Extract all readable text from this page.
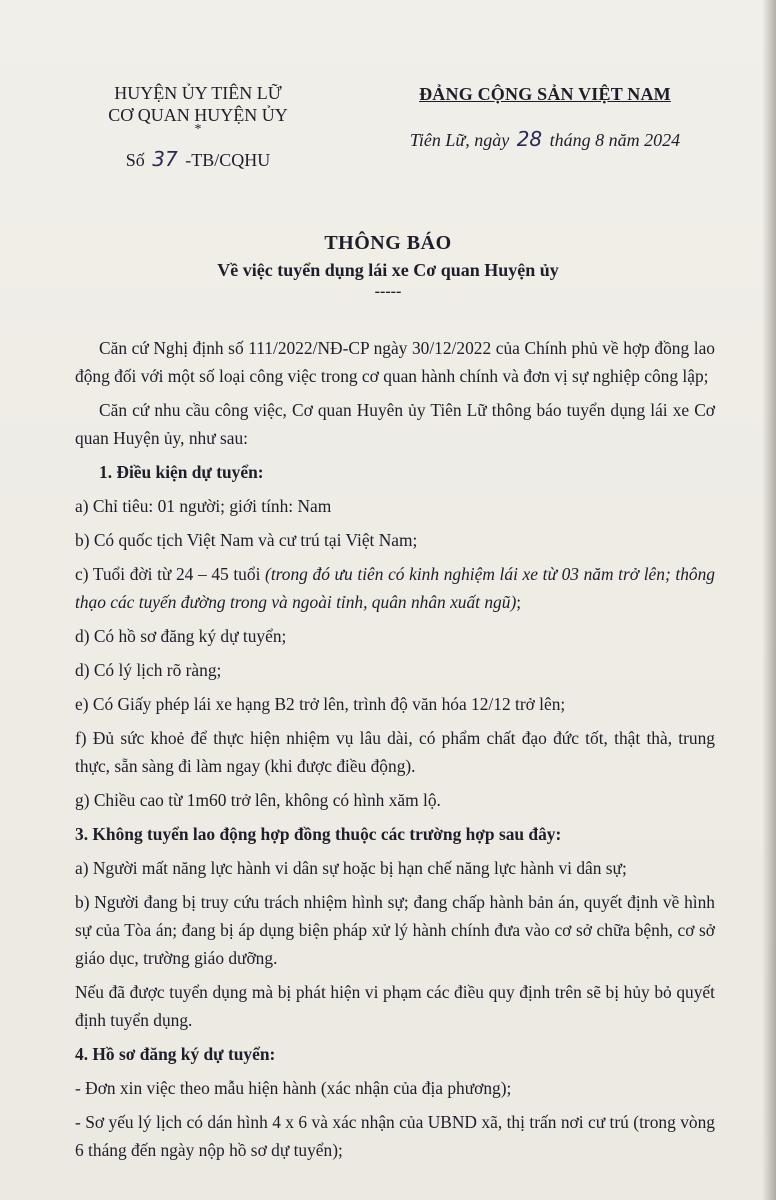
HUYỆN ỦY TIÊN LỮ
CƠ QUAN HUYỆN ỦY
*
Số 37 -TB/CQHU
ĐẢNG CỘNG SẢN VIỆT NAM
Tiên Lữ, ngày 28 tháng 8 năm 2024
THÔNG BÁO
Về việc tuyển dụng lái xe Cơ quan Huyện ủy
-----

Căn cứ Nghị định số 111/2022/NĐ-CP ngày 30/12/2022 của Chính phủ về hợp đồng lao động đối với một số loại công việc trong cơ quan hành chính và đơn vị sự nghiệp công lập;

Căn cứ nhu cầu công việc, Cơ quan Huyên ủy Tiên Lữ thông báo tuyển dụng lái xe Cơ quan Huyện ủy, như sau:

1. Điều kiện dự tuyển:

a) Chỉ tiêu: 01 người; giới tính: Nam

b) Có quốc tịch Việt Nam và cư trú tại Việt Nam;

c) Tuổi đời từ 24 – 45 tuổi (trong đó ưu tiên có kinh nghiệm lái xe từ 03 năm trở lên; thông thạo các tuyến đường trong và ngoài tỉnh, quân nhân xuất ngũ);

d) Có hồ sơ đăng ký dự tuyển;

d) Có lý lịch rõ ràng;

e) Có Giấy phép lái xe hạng B2 trở lên, trình độ văn hóa 12/12 trở lên;

f) Đủ sức khoẻ để thực hiện nhiệm vụ lâu dài, có phẩm chất đạo đức tốt, thật thà, trung thực, sẵn sàng đi làm ngay (khi được điều động).

g) Chiều cao từ 1m60 trở lên, không có hình xăm lộ.

3. Không tuyển lao động hợp đồng thuộc các trường hợp sau đây:

a) Người mất năng lực hành vi dân sự hoặc bị hạn chế năng lực hành vi dân sự;

b) Người đang bị truy cứu trách nhiệm hình sự; đang chấp hành bản án, quyết định về hình sự của Tòa án; đang bị áp dụng biện pháp xử lý hành chính đưa vào cơ sở chữa bệnh, cơ sở giáo dục, trường giáo dưỡng.

Nếu đã được tuyển dụng mà bị phát hiện vi phạm các điều quy định trên sẽ bị hủy bỏ quyết định tuyển dụng.

4. Hồ sơ đăng ký dự tuyển:

- Đơn xin việc theo mẫu hiện hành (xác nhận của địa phương);

- Sơ yếu lý lịch có dán hình 4 x 6 và xác nhận của UBND xã, thị trấn nơi cư trú (trong vòng 6 tháng đến ngày nộp hồ sơ dự tuyển);
